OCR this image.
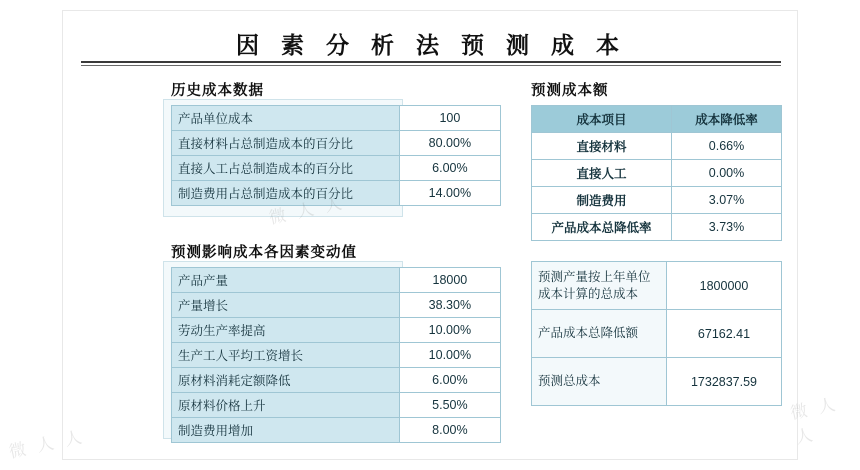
因 素 分 析 法 预 测 成 本
历史成本数据
产品单位成本	100
直接材料占总制造成本的百分比	80.00%
直接人工占总制造成本的百分比	6.00%
制造费用占总制造成本的百分比	14.00%
预测影响成本各因素变动值
产品产量	18000
产量增长	38.30%
劳动生产率提高	10.00%
生产工人平均工资增长	10.00%
原材料消耗定额降低	6.00%
原材料价格上升	5.50%
制造费用增加	8.00%
预测成本额
成本项目	成本降低率
直接材料	0.66%
直接人工	0.00%
制造费用	3.07%
产品成本总降低率	3.73%
预测产量按上年单位成本计算的总成本	1800000
产品成本总降低额	67162.41
预测总成本	1732837.59
微 人 人
微 人 人
